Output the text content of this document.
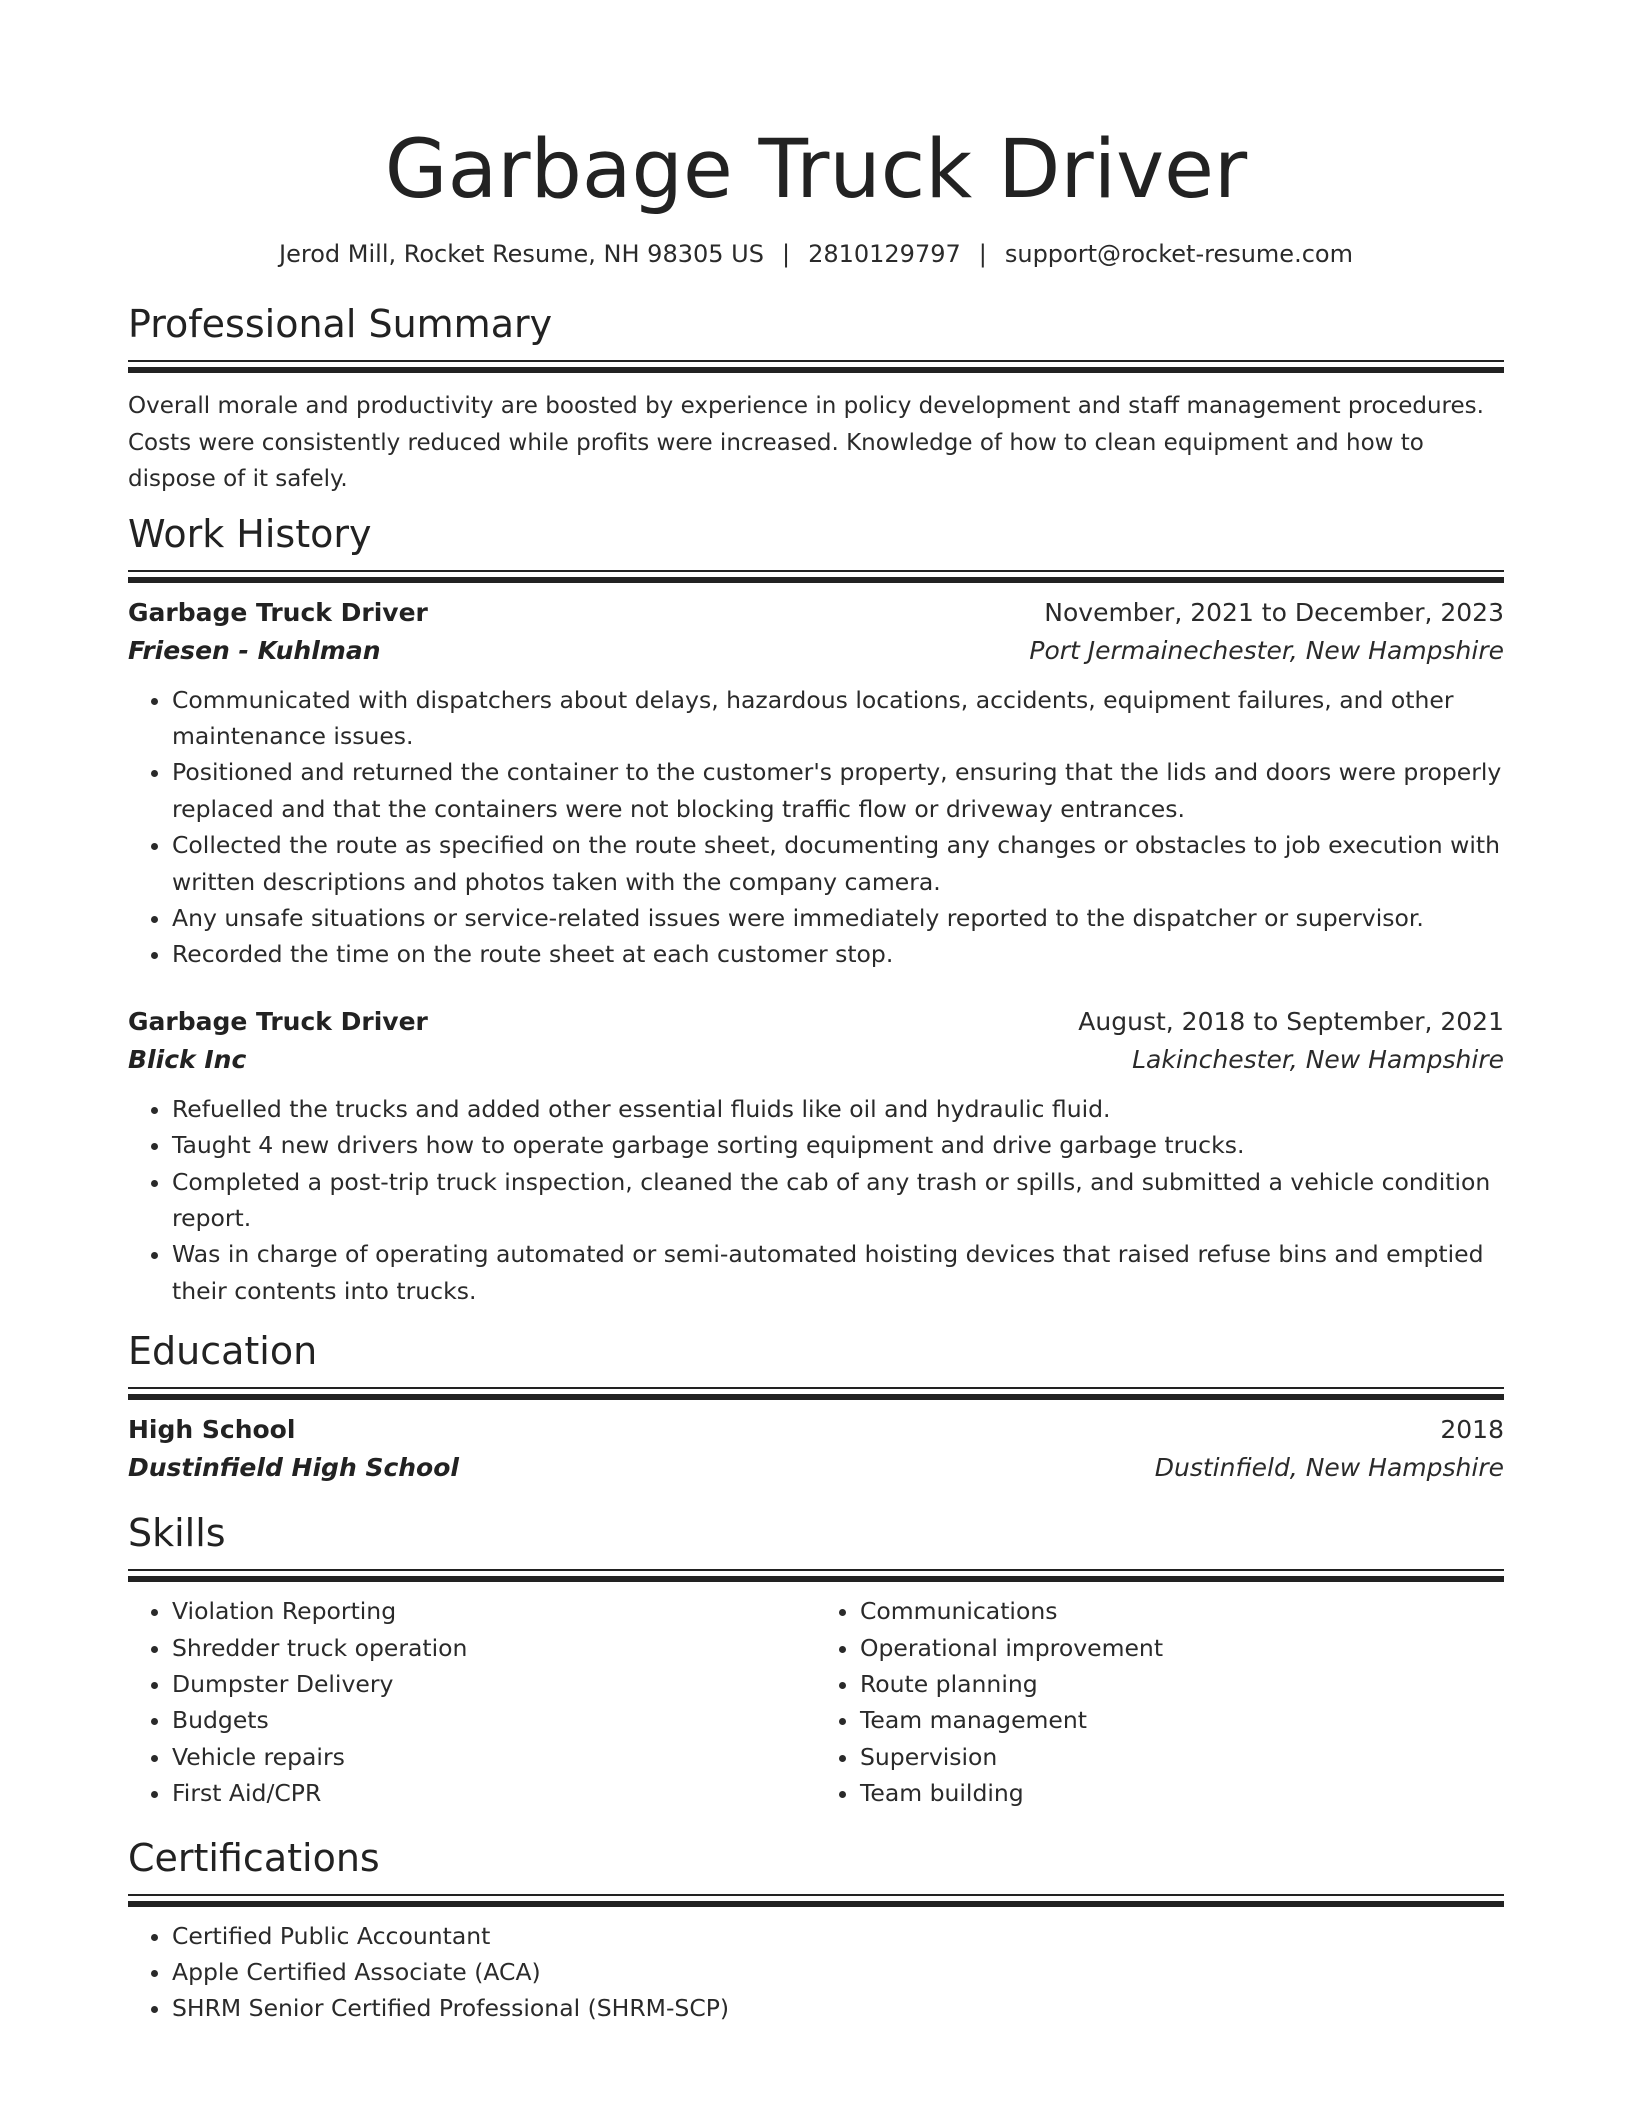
Garbage Truck Driver
Jerod Mill, Rocket Resume, NH 98305 US | 2810129797 | support@rocket-resume.com
Professional Summary
Overall morale and productivity are boosted by experience in policy development and staff management procedures. Costs were consistently reduced while profits were increased. Knowledge of how to clean equipment and how to dispose of it safely.
Work History
Garbage Truck Driver	November, 2021 to December, 2023
Friesen - Kuhlman	Port Jermainechester, New Hampshire
• Communicated with dispatchers about delays, hazardous locations, accidents, equipment failures, and other maintenance issues.
• Positioned and returned the container to the customer's property, ensuring that the lids and doors were properly replaced and that the containers were not blocking traffic flow or driveway entrances.
• Collected the route as specified on the route sheet, documenting any changes or obstacles to job execution with written descriptions and photos taken with the company camera.
• Any unsafe situations or service-related issues were immediately reported to the dispatcher or supervisor.
• Recorded the time on the route sheet at each customer stop.
Garbage Truck Driver	August, 2018 to September, 2021
Blick Inc	Lakinchester, New Hampshire
• Refuelled the trucks and added other essential fluids like oil and hydraulic fluid.
• Taught 4 new drivers how to operate garbage sorting equipment and drive garbage trucks.
• Completed a post-trip truck inspection, cleaned the cab of any trash or spills, and submitted a vehicle condition report.
• Was in charge of operating automated or semi-automated hoisting devices that raised refuse bins and emptied their contents into trucks.
Education
High School	2018
Dustinfield High School	Dustinfield, New Hampshire
Skills
• Violation Reporting
• Shredder truck operation
• Dumpster Delivery
• Budgets
• Vehicle repairs
• First Aid/CPR
• Communications
• Operational improvement
• Route planning
• Team management
• Supervision
• Team building
Certifications
• Certified Public Accountant
• Apple Certified Associate (ACA)
• SHRM Senior Certified Professional (SHRM-SCP)
